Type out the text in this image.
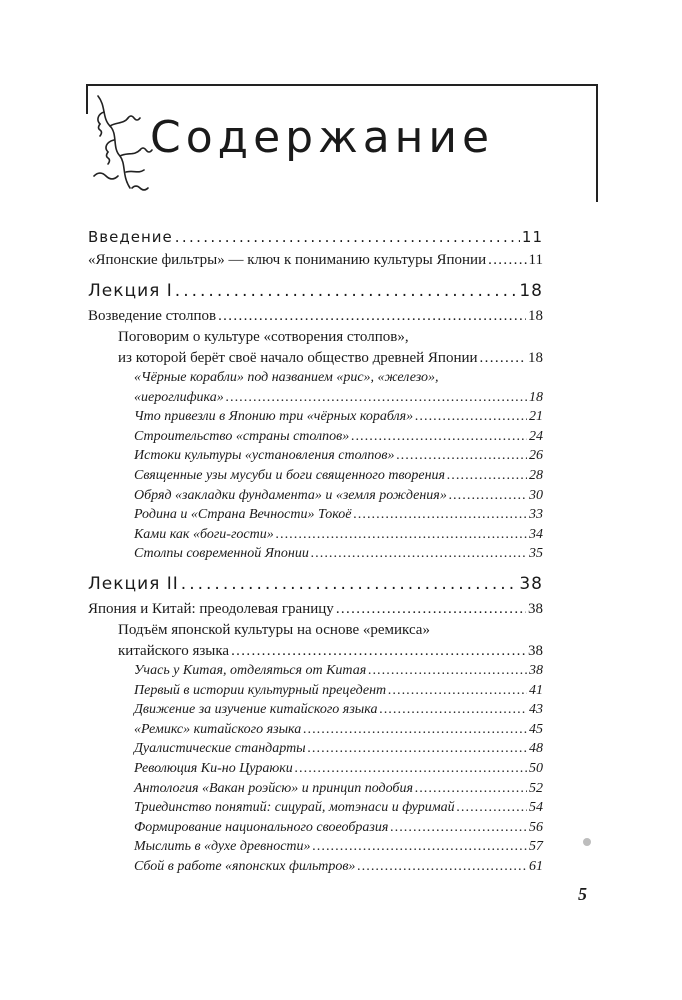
Содержание
Введение . . .	11
«Японские фильтры» — ключ к пониманию культуры Японии . . .	11
Лекция I . . .	18
Возведение столпов . . .	18
Поговорим о культуре «сотворения столпов»,
из которой берёт своё начало общество древней Японии . . .	18
«Чёрные корабли» под названием «рис», «железо»,
«иероглифика» . . .	18
Что привезли в Японию три «чёрных корабля» . . .	21
Строительство «страны столпов» . . .	24
Истоки культуры «установления столпов» . . .	26
Священные узы мусуби и боги священного творения . . .	28
Обряд «закладки фундамента» и «земля рождения» . . .	30
Родина и «Страна Вечности» Токоё . . .	33
Ками как «боги-гости» . . .	34
Столпы современной Японии . . .	35
Лекция II . . .	38
Япония и Китай: преодолевая границу . . .	38
Подъём японской культуры на основе «ремикса»
китайского языка . . .	38
Учась у Китая, отделяться от Китая . . .	38
Первый в истории культурный прецедент . . .	41
Движение за изучение китайского языка . . .	43
«Ремикс» китайского языка . . .	45
Дуалистические стандарты . . .	48
Революция Ки-но Цураюки . . .	50
Антология «Вакан роэйсю» и принцип подобия . . .	52
Триединство понятий: сицурай, мотэнаси и фуримай . . .	54
Формирование национального своеобразия . . .	56
Мыслить в «духе древности» . . .	57
Сбой в работе «японских фильтров» . . .	61
5
